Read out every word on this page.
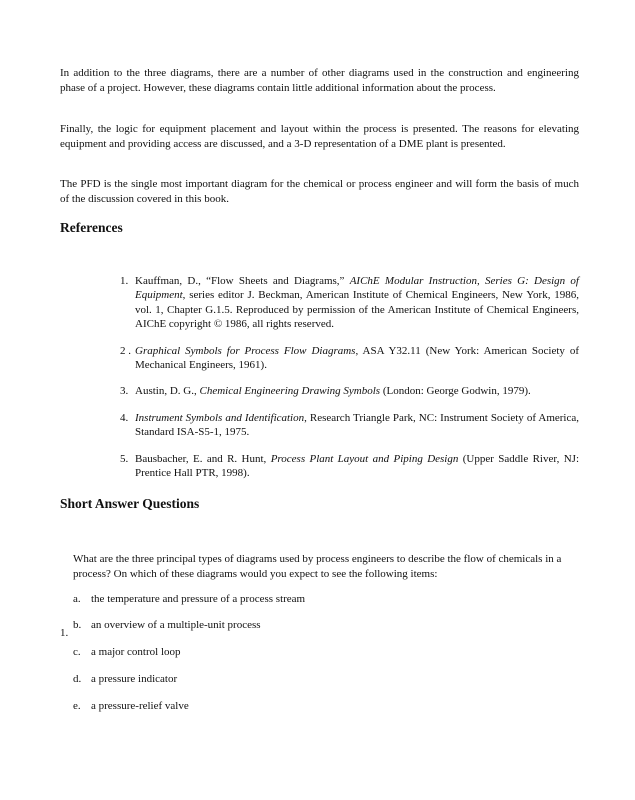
In addition to the three diagrams, there are a number of other diagrams used in the construction and engineering phase of a project. However, these diagrams contain little additional information about the process.

Finally, the logic for equipment placement and layout within the process is presented. The reasons for elevating equipment and providing access are discussed, and a 3-D representation of a DME plant is presented.

The PFD is the single most important diagram for the chemical or process engineer and will form the basis of much of the discussion covered in this book.

References
1. Kauffman, D., “Flow Sheets and Diagrams,” AIChE Modular Instruction, Series G: Design of Equipment, series editor J. Beckman, American Institute of Chemical Engineers, New York, 1986, vol. 1, Chapter G.1.5. Reproduced by permission of the American Institute of Chemical Engineers, AIChE copyright © 1986, all rights reserved.
2 . Graphical Symbols for Process Flow Diagrams, ASA Y32.11 (New York: American Society of Mechanical Engineers, 1961).
3. Austin, D. G., Chemical Engineering Drawing Symbols (London: George Godwin, 1979).
4. Instrument Symbols and Identification, Research Triangle Park, NC: Instrument Society of America, Standard ISA-S5-1, 1975.
5. Bausbacher, E. and R. Hunt, Process Plant Layout and Piping Design (Upper Saddle River, NJ: Prentice Hall PTR, 1998).
Short Answer Questions
1.

What are the three principal types of diagrams used by process engineers to describe the flow of chemicals in a process? On which of these diagrams would you expect to see the following items:

a. the temperature and pressure of a process stream
b. an overview of a multiple-unit process
c. a major control loop
d. a pressure indicator
e. a pressure-relief valve
